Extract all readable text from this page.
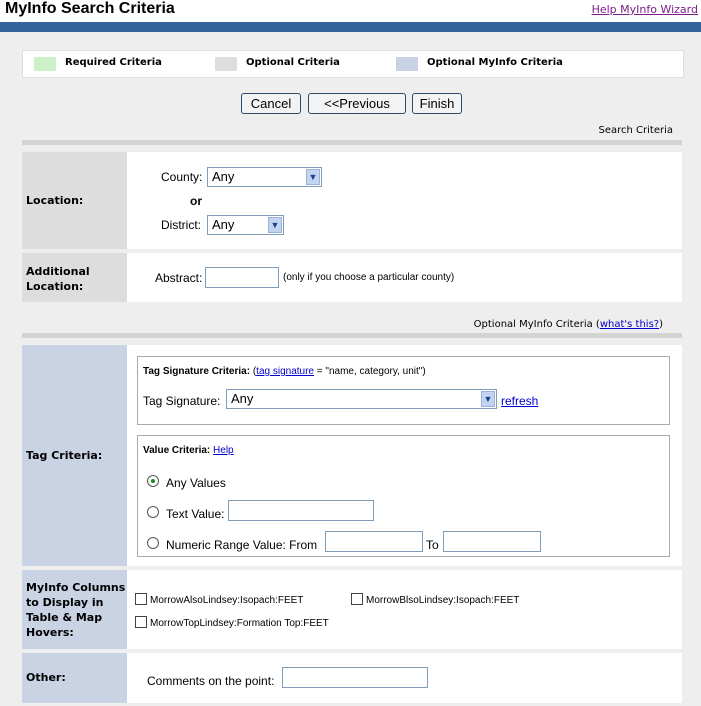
MyInfo Search Criteria	Help MyInfo Wizard
Required Criteria	Optional Criteria	Optional MyInfo Criteria
Cancel	<<Previous	Finish
Search Criteria
Location:
County: Any	▼
or
District: Any	▼
Additional Location:
Abstract:	(only if you choose a particular county)
Optional MyInfo Criteria (what's this?)
Tag Criteria:
Tag Signature Criteria: (tag signature = "name, category, unit")
Tag Signature: Any	▼ refresh
Value Criteria: Help
Any Values
Text Value:
Numeric Range Value: From	To
MyInfo Columns to Display in Table & Map Hovers:
MorrowAlsoLindsey:Isopach:FEET	MorrowBlsoLindsey:Isopach:FEET
MorrowTopLindsey:Formation Top:FEET
Other:	Comments on the point:
